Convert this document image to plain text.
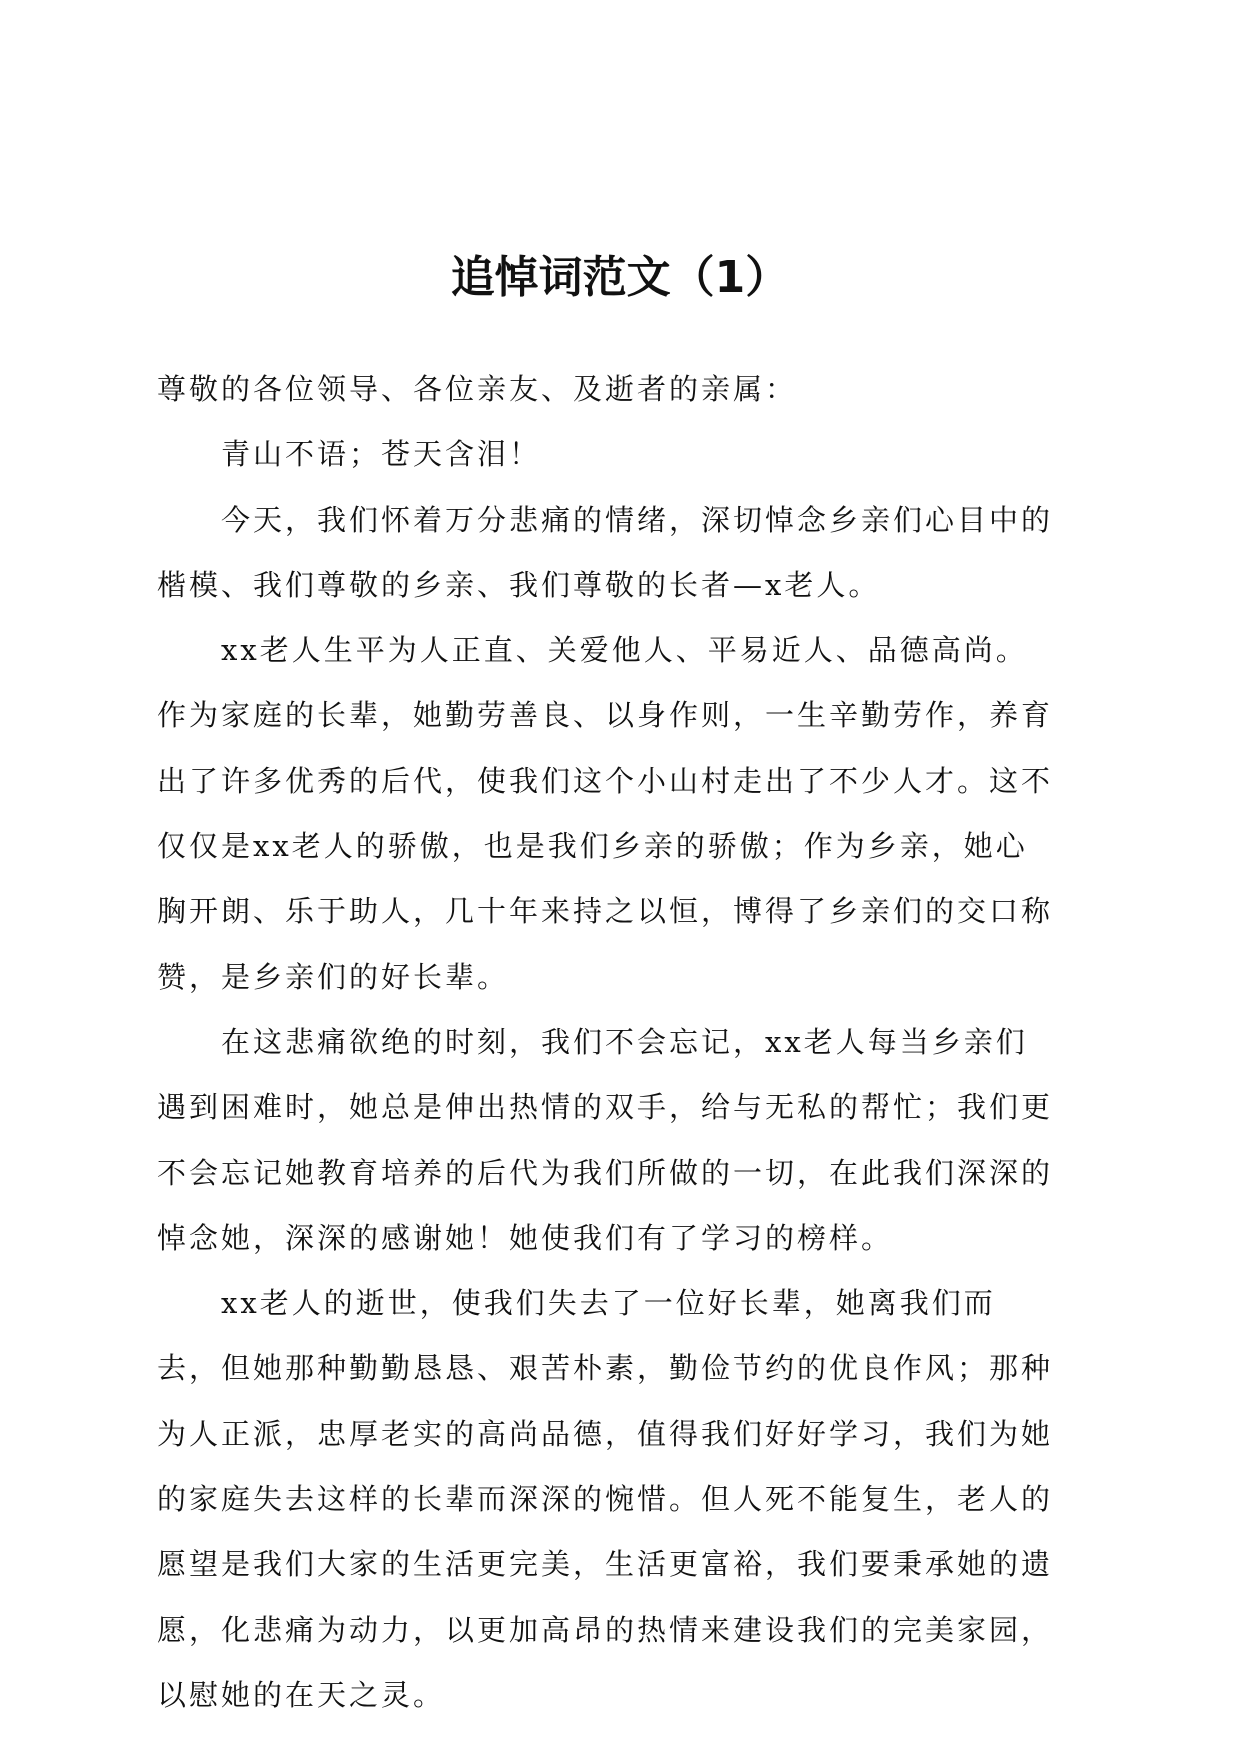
追悼词范文（1）

尊敬的各位领导、各位亲友、及逝者的亲属：

青山不语；苍天含泪！

今天，我们怀着万分悲痛的情绪，深切悼念乡亲们心目中的楷模、我们尊敬的乡亲、我们尊敬的长者—x老人。

xx老人生平为人正直、关爱他人、平易近人、品德高尚。作为家庭的长辈，她勤劳善良、以身作则，一生辛勤劳作，养育出了许多优秀的后代，使我们这个小山村走出了不少人才。这不仅仅是xx老人的骄傲，也是我们乡亲的骄傲；作为乡亲，她心胸开朗、乐于助人，几十年来持之以恒，博得了乡亲们的交口称赞，是乡亲们的好长辈。

在这悲痛欲绝的时刻，我们不会忘记，xx老人每当乡亲们遇到困难时，她总是伸出热情的双手，给与无私的帮忙；我们更不会忘记她教育培养的后代为我们所做的一切，在此我们深深的悼念她，深深的感谢她！她使我们有了学习的榜样。

xx老人的逝世，使我们失去了一位好长辈，她离我们而去，但她那种勤勤恳恳、艰苦朴素，勤俭节约的优良作风；那种为人正派，忠厚老实的高尚品德，值得我们好好学习，我们为她的家庭失去这样的长辈而深深的惋惜。但人死不能复生，老人的愿望是我们大家的生活更完美，生活更富裕，我们要秉承她的遗愿，化悲痛为动力，以更加高昂的热情来建设我们的完美家园，以慰她的在天之灵。
